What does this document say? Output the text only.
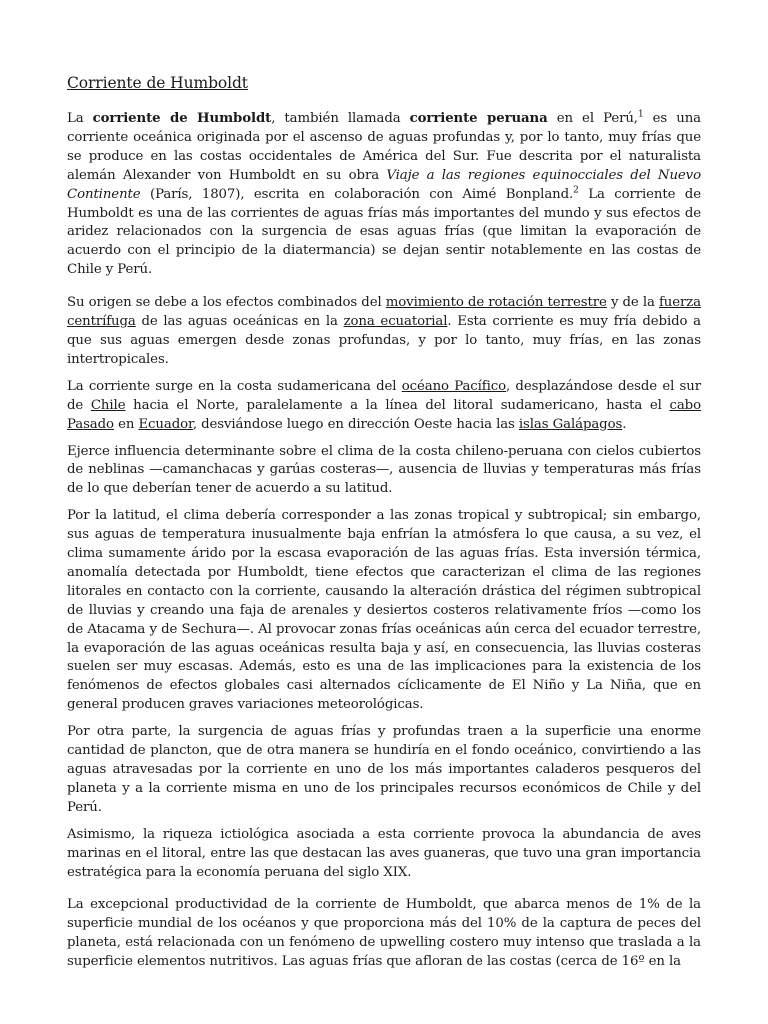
Corriente de Humboldt

La corriente de Humboldt, también llamada corriente peruana en el Perú,$^1$ es una corriente oceánica originada por el ascenso de aguas profundas y, por lo tanto, muy frías que se produce en las costas occidentales de América del Sur. Fue descrita por el naturalista alemán Alexander von Humboldt en su obra Viaje a las regiones equinocciales del Nuevo Continente (París, 1807), escrita en colaboración con Aimé Bonpland.$^2$ La corriente de Humboldt es una de las corrientes de aguas frías más importantes del mundo y sus efectos de aridez relacionados con la surgencia de esas aguas frías (que limitan la evaporación de acuerdo con el principio de la diatermancia) se dejan sentir notablemente en las costas de Chile y Perú.

Su origen se debe a los efectos combinados del movimiento de rotación terrestre y de la fuerza centrífuga de las aguas oceánicas en la zona ecuatorial. Esta corriente es muy fría debido a que sus aguas emergen desde zonas profundas, y por lo tanto, muy frías, en las zonas intertropicales.

La corriente surge en la costa sudamericana del océano Pacífico, desplazándose desde el sur de Chile hacia el Norte, paralelamente a la línea del litoral sudamericano, hasta el cabo Pasado en Ecuador, desviándose luego en dirección Oeste hacia las islas Galápagos.

Ejerce influencia determinante sobre el clima de la costa chileno-peruana con cielos cubiertos de neblinas —camanchacas y garúas costeras—, ausencia de lluvias y temperaturas más frías de lo que deberían tener de acuerdo a su latitud.

Por la latitud, el clima debería corresponder a las zonas tropical y subtropical; sin embargo, sus aguas de temperatura inusualmente baja enfrían la atmósfera lo que causa, a su vez, el clima sumamente árido por la escasa evaporación de las aguas frías. Esta inversión térmica, anomalía detectada por Humboldt, tiene efectos que caracterizan el clima de las regiones litorales en contacto con la corriente, causando la alteración drástica del régimen subtropical de lluvias y creando una faja de arenales y desiertos costeros relativamente fríos —como los de Atacama y de Sechura—. Al provocar zonas frías oceánicas aún cerca del ecuador terrestre, la evaporación de las aguas oceánicas resulta baja y así, en consecuencia, las lluvias costeras suelen ser muy escasas. Además, esto es una de las implicaciones para la existencia de los fenómenos de efectos globales casi alternados cíclicamente de El Niño y La Niña, que en general producen graves variaciones meteorológicas.

Por otra parte, la surgencia de aguas frías y profundas traen a la superficie una enorme cantidad de plancton, que de otra manera se hundiría en el fondo oceánico, convirtiendo a las aguas atravesadas por la corriente en uno de los más importantes caladeros pesqueros del planeta y a la corriente misma en uno de los principales recursos económicos de Chile y del Perú.

Asimismo, la riqueza ictiológica asociada a esta corriente provoca la abundancia de aves marinas en el litoral, entre las que destacan las aves guaneras, que tuvo una gran importancia estratégica para la economía peruana del siglo XIX.

La excepcional productividad de la corriente de Humboldt, que abarca menos de 1% de la superficie mundial de los océanos y que proporciona más del 10% de la captura de peces del planeta, está relacionada con un fenómeno de upwelling costero muy intenso que traslada a la superficie elementos nutritivos. Las aguas frías que afloran de las costas (cerca de 16º en la
